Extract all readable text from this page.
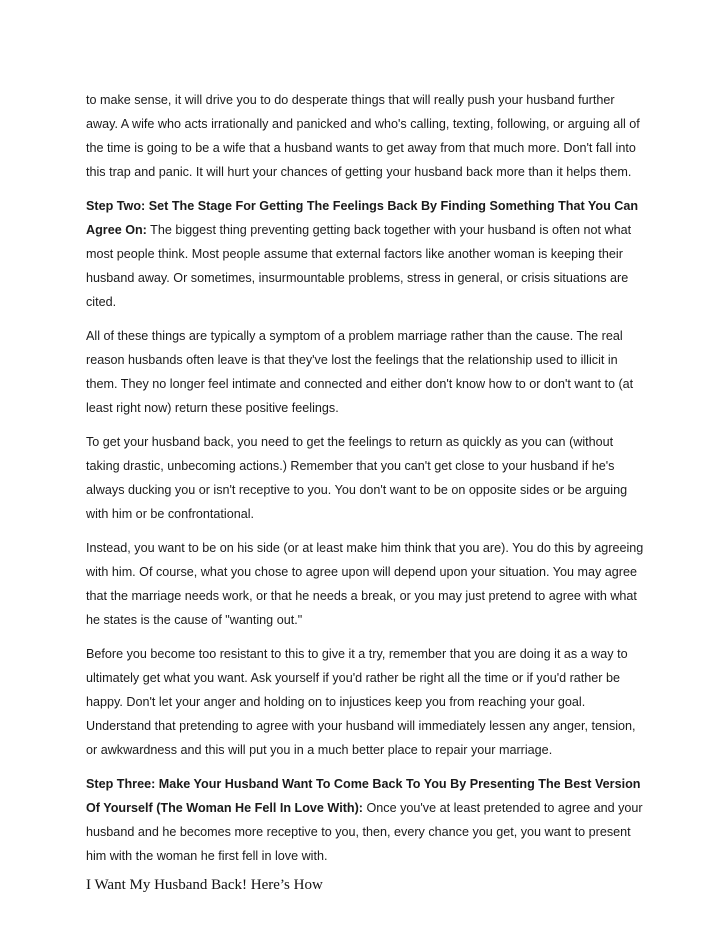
to make sense, it will drive you to do desperate things that will really push your husband further away. A wife who acts irrationally and panicked and who's calling, texting, following, or arguing all of the time is going to be a wife that a husband wants to get away from that much more. Don't fall into this trap and panic. It will hurt your chances of getting your husband back more than it helps them.

Step Two: Set The Stage For Getting The Feelings Back By Finding Something That You Can Agree On: The biggest thing preventing getting back together with your husband is often not what most people think. Most people assume that external factors like another woman is keeping their husband away. Or sometimes, insurmountable problems, stress in general, or crisis situations are cited.

All of these things are typically a symptom of a problem marriage rather than the cause. The real reason husbands often leave is that they've lost the feelings that the relationship used to illicit in them. They no longer feel intimate and connected and either don't know how to or don't want to (at least right now) return these positive feelings.

To get your husband back, you need to get the feelings to return as quickly as you can (without taking drastic, unbecoming actions.) Remember that you can't get close to your husband if he's always ducking you or isn't receptive to you. You don't want to be on opposite sides or be arguing with him or be confrontational.

Instead, you want to be on his side (or at least make him think that you are). You do this by agreeing with him. Of course, what you chose to agree upon will depend upon your situation. You may agree that the marriage needs work, or that he needs a break, or you may just pretend to agree with what he states is the cause of "wanting out."

Before you become too resistant to this to give it a try, remember that you are doing it as a way to ultimately get what you want. Ask yourself if you'd rather be right all the time or if you'd rather be happy. Don't let your anger and holding on to injustices keep you from reaching your goal. Understand that pretending to agree with your husband will immediately lessen any anger, tension, or awkwardness and this will put you in a much better place to repair your marriage.

Step Three: Make Your Husband Want To Come Back To You By Presenting The Best Version Of Yourself (The Woman He Fell In Love With): Once you've at least pretended to agree and your husband and he becomes more receptive to you, then, every chance you get, you want to present him with the woman he first fell in love with.

I Want My Husband Back! Here’s How
